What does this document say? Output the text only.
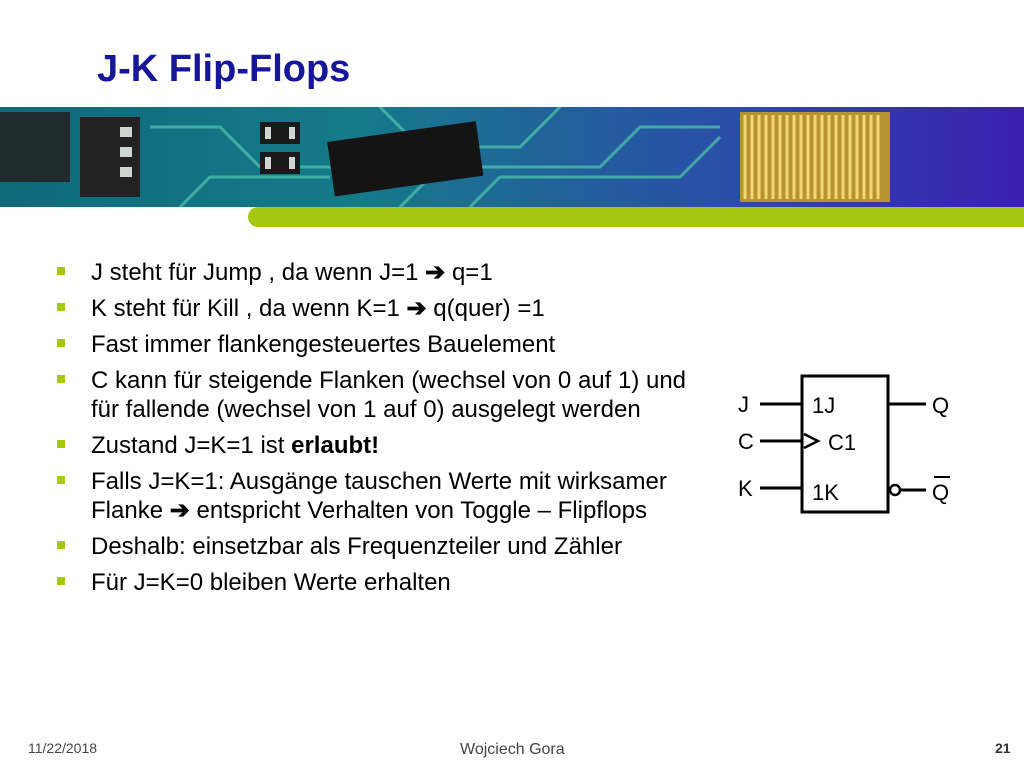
J-K Flip-Flops
J steht für Jump , da wenn J=1 ➔ q=1
K steht für Kill , da wenn K=1 ➔ q(quer) =1
Fast immer flankengesteuertes Bauelement
C kann für steigende Flanken (wechsel von 0 auf 1) und für fallende (wechsel von 1 auf 0) ausgelegt werden
Zustand J=K=1 ist erlaubt!
Falls J=K=1: Ausgänge tauschen Werte mit wirksamer Flanke ➔ entspricht Verhalten von Toggle – Flipflops
Deshalb: einsetzbar als Frequenzteiler und Zähler
Für J=K=0 bleiben Werte erhalten
J
C
K
1J
C1
1K
Q
Q
11/22/2018	Wojciech Gora	21
